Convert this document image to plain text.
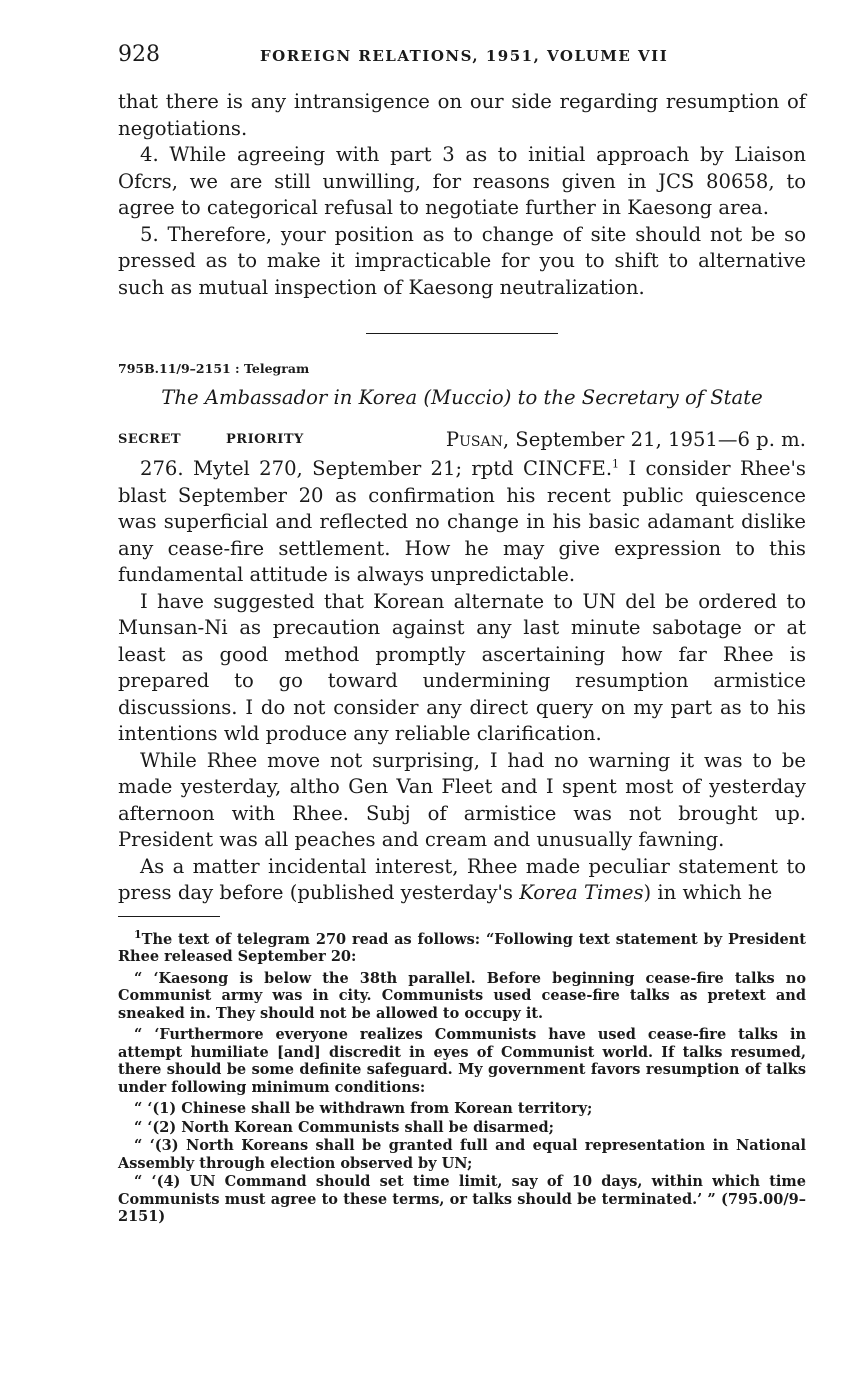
928	FOREIGN RELATIONS, 1951, VOLUME VII

that there is any intransigence on our side regarding resumption of negotiations.

4. While agreeing with part 3 as to initial approach by Liaison Ofcrs, we are still unwilling, for reasons given in JCS 80658, to agree to categorical refusal to negotiate further in Kaesong area.

5. Therefore, your position as to change of site should not be so pressed as to make it impracticable for you to shift to alternative such as mutual inspection of Kaesong neutralization.

795B.11/9–2151 : Telegram
The Ambassador in Korea (Muccio) to the Secretary of State
SECRET	PRIORITY	Pusan, September 21, 1951—6 p. m.

276. Mytel 270, September 21; rptd CINCFE.$^1$ I consider Rhee's blast September 20 as confirmation his recent public quiescence was superficial and reflected no change in his basic adamant dislike any cease-fire settlement. How he may give expression to this fundamental attitude is always unpredictable.

I have suggested that Korean alternate to UN del be ordered to Munsan-Ni as precaution against any last minute sabotage or at least as good method promptly ascertaining how far Rhee is prepared to go toward undermining resumption armistice discussions. I do not consider any direct query on my part as to his intentions wld produce any reliable clarification.

While Rhee move not surprising, I had no warning it was to be made yesterday, altho Gen Van Fleet and I spent most of yesterday afternoon with Rhee. Subj of armistice was not brought up. President was all peaches and cream and unusually fawning.

As a matter incidental interest, Rhee made peculiar statement to press day before (published yesterday's Korea Times) in which he

$^1$The text of telegram 270 read as follows: “Following text statement by President Rhee released September 20:

“ ‘Kaesong is below the 38th parallel. Before beginning cease-fire talks no Communist army was in city. Communists used cease-fire talks as pretext and sneaked in. They should not be allowed to occupy it.

“ ‘Furthermore everyone realizes Communists have used cease-fire talks in attempt humiliate [and] discredit in eyes of Communist world. If talks resumed, there should be some definite safeguard. My government favors resumption of talks under following minimum conditions:

“ ‘(1) Chinese shall be withdrawn from Korean territory;

“ ‘(2) North Korean Communists shall be disarmed;

“ ‘(3) North Koreans shall be granted full and equal representation in National Assembly through election observed by UN;

“ ‘(4) UN Command should set time limit, say of 10 days, within which time Communists must agree to these terms, or talks should be terminated.’ ” (795.00/9–2151)
